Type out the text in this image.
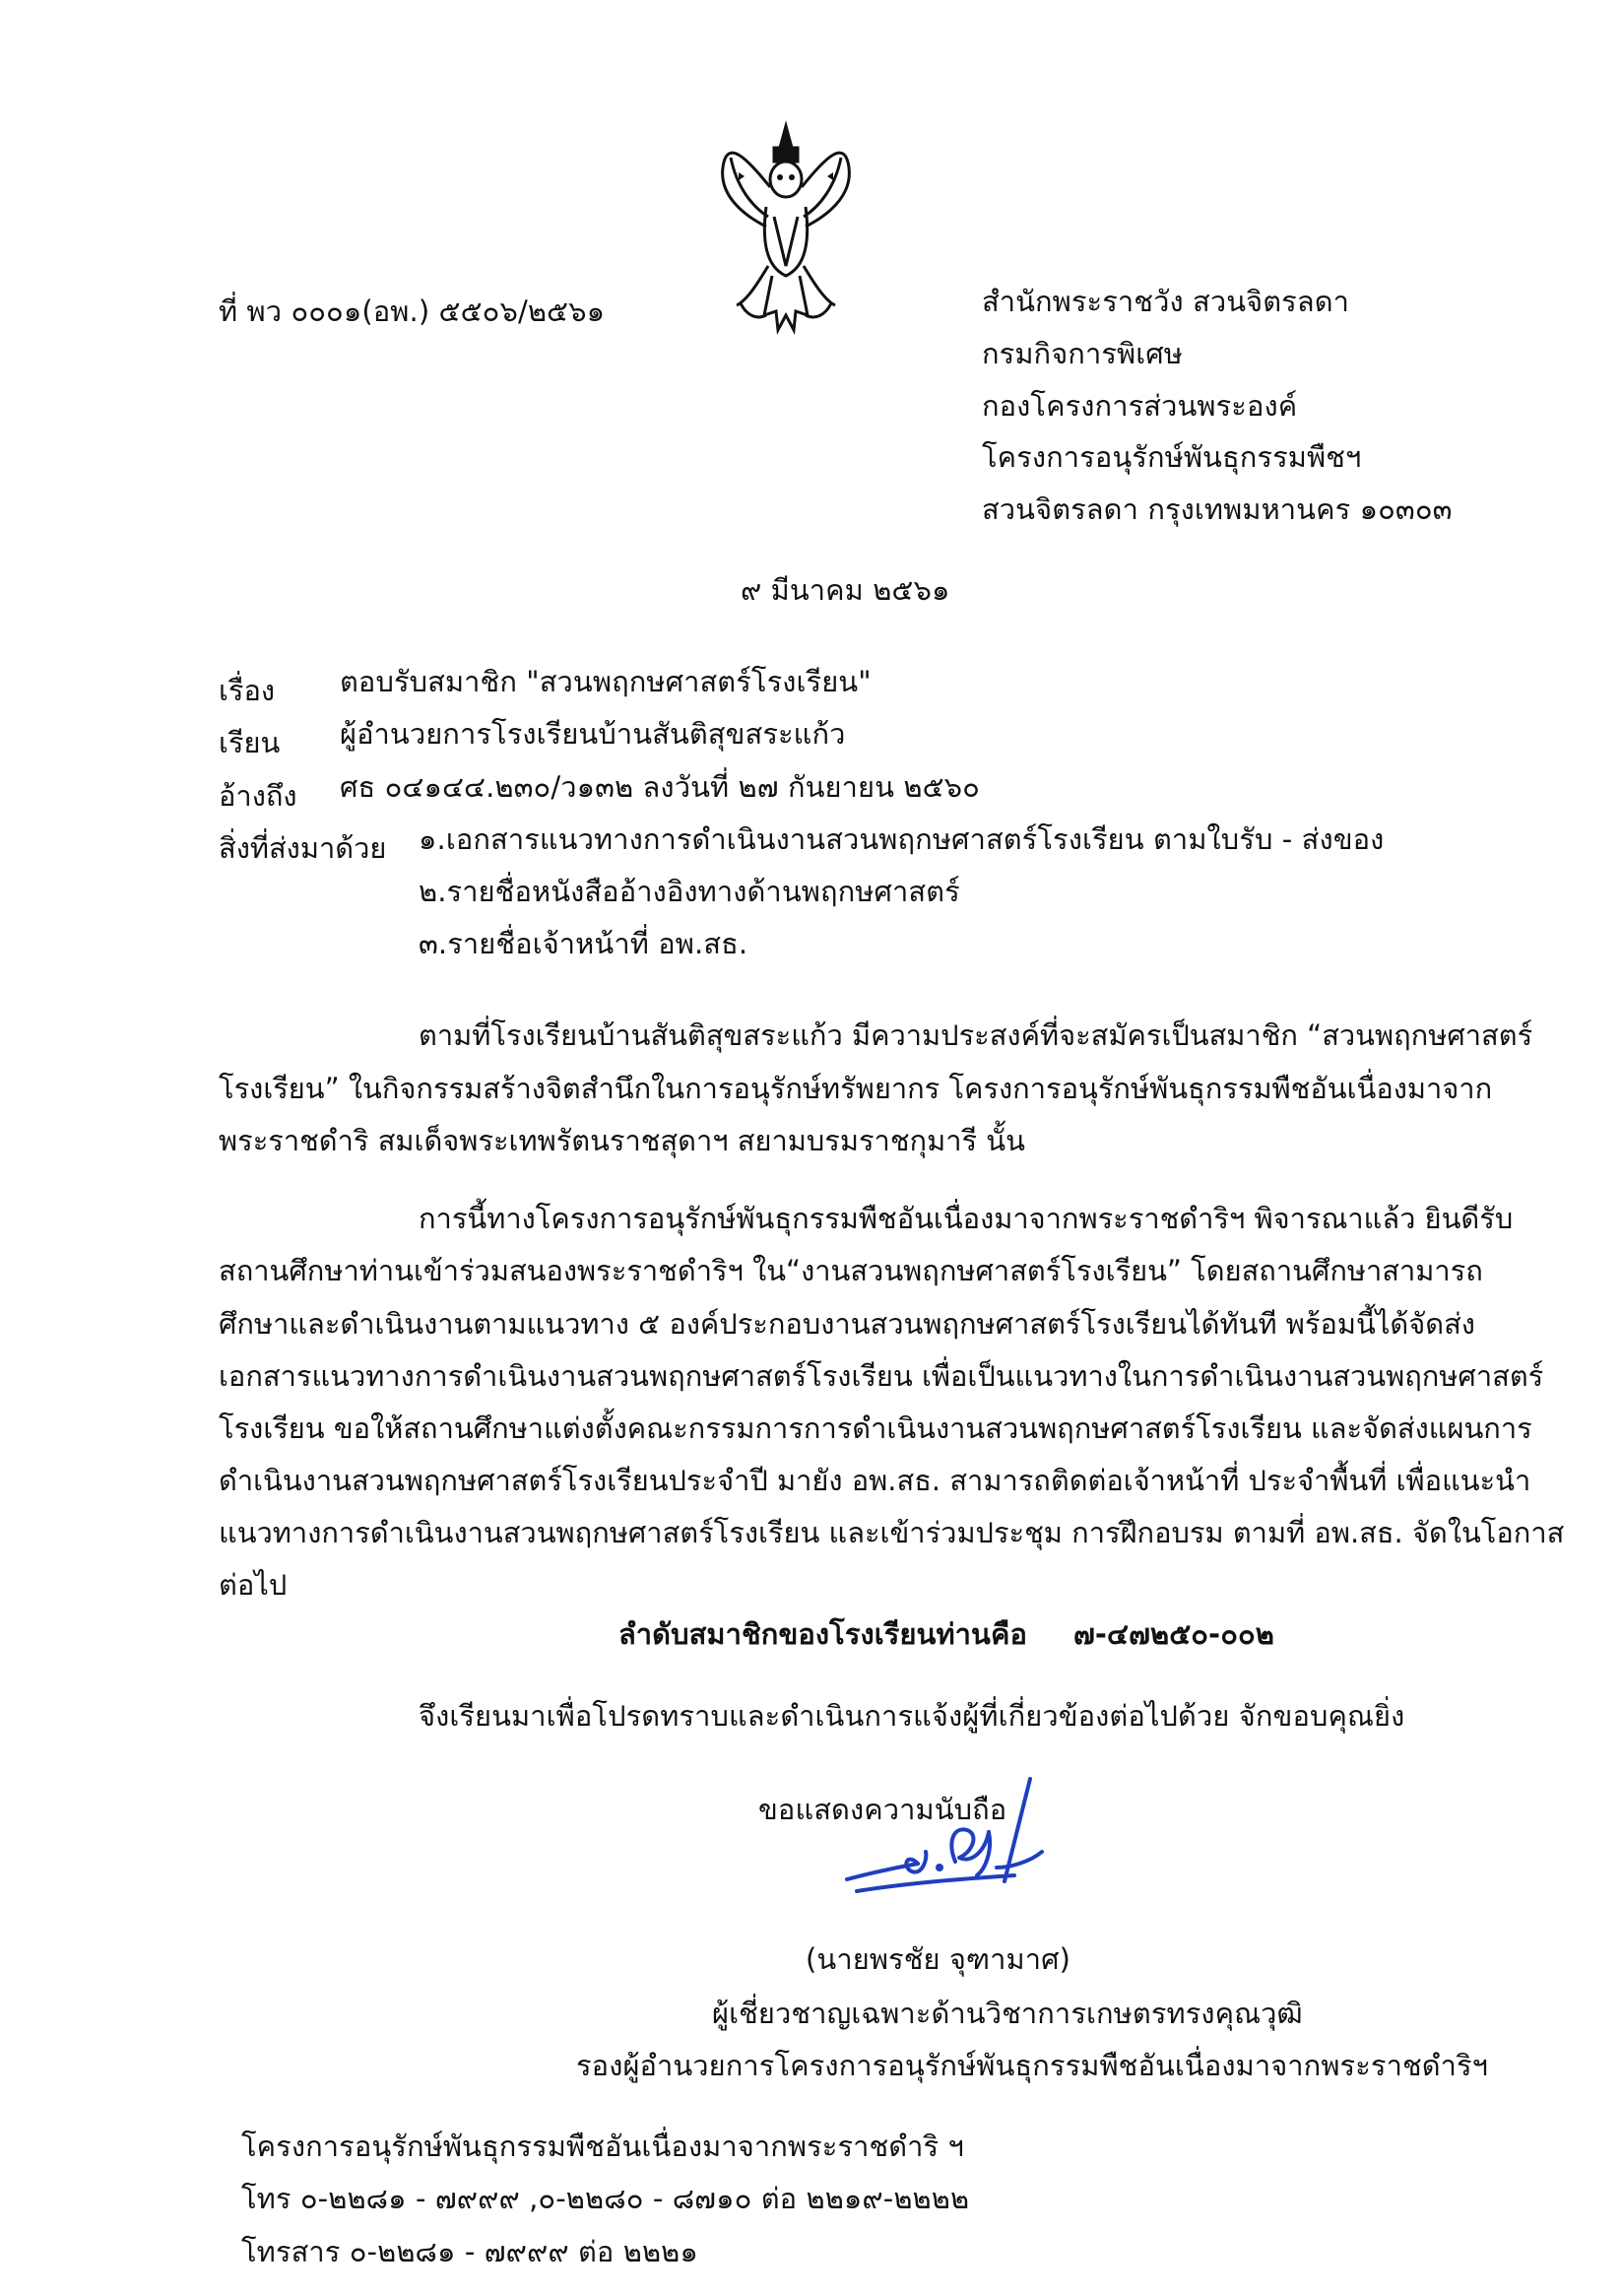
ที่ พว ๐๐๐๑(อพ.) ๕๕๐๖/๒๕๖๑	สำนักพระราชวัง สวนจิตรลดา
กรมกิจการพิเศษ
กองโครงการส่วนพระองค์
โครงการอนุรักษ์พันธุกรรมพืชฯ
สวนจิตรลดา กรุงเทพมหานคร ๑๐๓๐๓
๙ มีนาคม ๒๕๖๑
เรื่อง ตอบรับสมาชิก "สวนพฤกษศาสตร์โรงเรียน"
เรียน ผู้อำนวยการโรงเรียนบ้านสันติสุขสระแก้ว
อ้างถึง ศธ ๐๔๑๔๔.๒๓๐/ว๑๓๒ ลงวันที่ ๒๗ กันยายน ๒๕๖๐
สิ่งที่ส่งมาด้วย ๑.เอกสารแนวทางการดำเนินงานสวนพฤกษศาสตร์โรงเรียน ตามใบรับ - ส่งของ
๒.รายชื่อหนังสืออ้างอิงทางด้านพฤกษศาสตร์
๓.รายชื่อเจ้าหน้าที่ อพ.สธ.
ตามที่โรงเรียนบ้านสันติสุขสระแก้ว มีความประสงค์ที่จะสมัครเป็นสมาชิก “สวนพฤกษศาสตร์
โรงเรียน” ในกิจกรรมสร้างจิตสำนึกในการอนุรักษ์ทรัพยากร โครงการอนุรักษ์พันธุกรรมพืชอันเนื่องมาจาก
พระราชดำริ สมเด็จพระเทพรัตนราชสุดาฯ สยามบรมราชกุมารี นั้น
การนี้ทางโครงการอนุรักษ์พันธุกรรมพืชอันเนื่องมาจากพระราชดำริฯ พิจารณาแล้ว ยินดีรับ
สถานศึกษาท่านเข้าร่วมสนองพระราชดำริฯ ใน“งานสวนพฤกษศาสตร์โรงเรียน” โดยสถานศึกษาสามารถ
ศึกษาและดำเนินงานตามแนวทาง ๕ องค์ประกอบงานสวนพฤกษศาสตร์โรงเรียนได้ทันที พร้อมนี้ได้จัดส่ง
เอกสารแนวทางการดำเนินงานสวนพฤกษศาสตร์โรงเรียน เพื่อเป็นแนวทางในการดำเนินงานสวนพฤกษศาสตร์
โรงเรียน ขอให้สถานศึกษาแต่งตั้งคณะกรรมการการดำเนินงานสวนพฤกษศาสตร์โรงเรียน และจัดส่งแผนการ
ดำเนินงานสวนพฤกษศาสตร์โรงเรียนประจำปี มายัง อพ.สธ. สามารถติดต่อเจ้าหน้าที่ ประจำพื้นที่ เพื่อแนะนำ
แนวทางการดำเนินงานสวนพฤกษศาสตร์โรงเรียน และเข้าร่วมประชุม การฝึกอบรม ตามที่ อพ.สธ. จัดในโอกาส
ต่อไป
ลำดับสมาชิกของโรงเรียนท่านคือ ๗-๔๗๒๕๐-๐๐๒
จึงเรียนมาเพื่อโปรดทราบและดำเนินการแจ้งผู้ที่เกี่ยวข้องต่อไปด้วย จักขอบคุณยิ่ง
ขอแสดงความนับถือ
(นายพรชัย จุฑามาศ)
ผู้เชี่ยวชาญเฉพาะด้านวิชาการเกษตรทรงคุณวุฒิ
รองผู้อำนวยการโครงการอนุรักษ์พันธุกรรมพืชอันเนื่องมาจากพระราชดำริฯ
โครงการอนุรักษ์พันธุกรรมพืชอันเนื่องมาจากพระราชดำริ ฯ
โทร ๐-๒๒๘๑ - ๗๙๙๙ ,๐-๒๒๘๐ - ๘๗๑๐ ต่อ ๒๒๑๙-๒๒๒๒
โทรสาร ๐-๒๒๘๑ - ๗๙๙๙ ต่อ ๒๒๒๑
